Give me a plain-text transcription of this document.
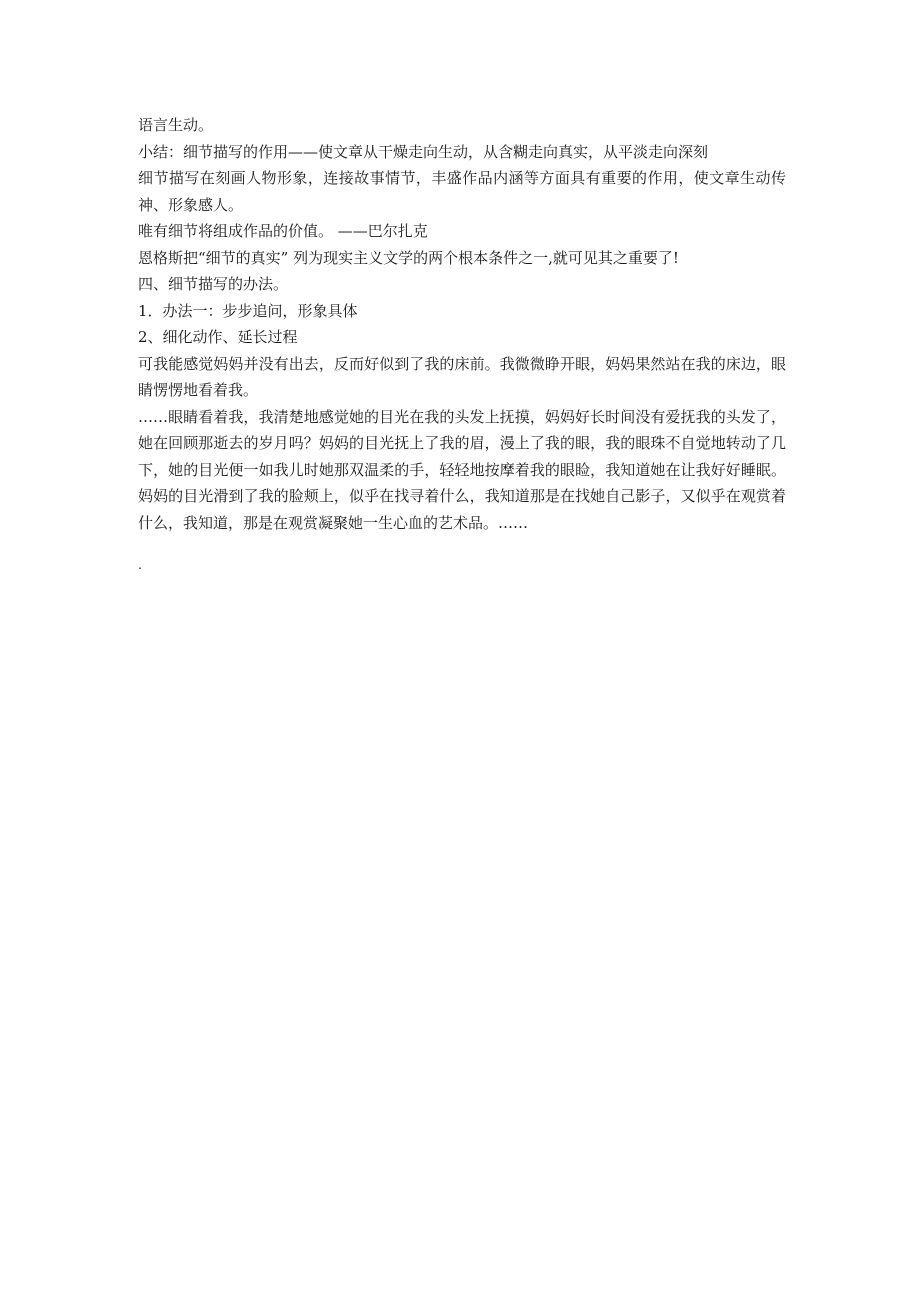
语言生动。

小结：细节描写的作用——使文章从干燥走向生动，从含糊走向真实，从平淡走向深刻

细节描写在刻画人物形象，连接故事情节，丰盛作品内涵等方面具有重要的作用，使文章生动传神、形象感人。

唯有细节将组成作品的价值。 ——巴尔扎克

恩格斯把“细节的真实” 列为现实主义文学的两个根本条件之一,就可见其之重要了!

四、细节描写的办法。

1．办法一：步步追问，形象具体

2、细化动作、延长过程

可我能感觉妈妈并没有出去，反而好似到了我的床前。我微微睁开眼，妈妈果然站在我的床边，眼睛愣愣地看着我。

……眼睛看着我，我清楚地感觉她的目光在我的头发上抚摸，妈妈好长时间没有爱抚我的头发了，她在回顾那逝去的岁月吗？妈妈的目光抚上了我的眉，漫上了我的眼，我的眼珠不自觉地转动了几下，她的目光便一如我儿时她那双温柔的手，轻轻地按摩着我的眼睑，我知道她在让我好好睡眠。妈妈的目光滑到了我的脸颊上，似乎在找寻着什么，我知道那是在找她自己影子，又似乎在观赏着什么，我知道，那是在观赏凝聚她一生心血的艺术品。……

.
